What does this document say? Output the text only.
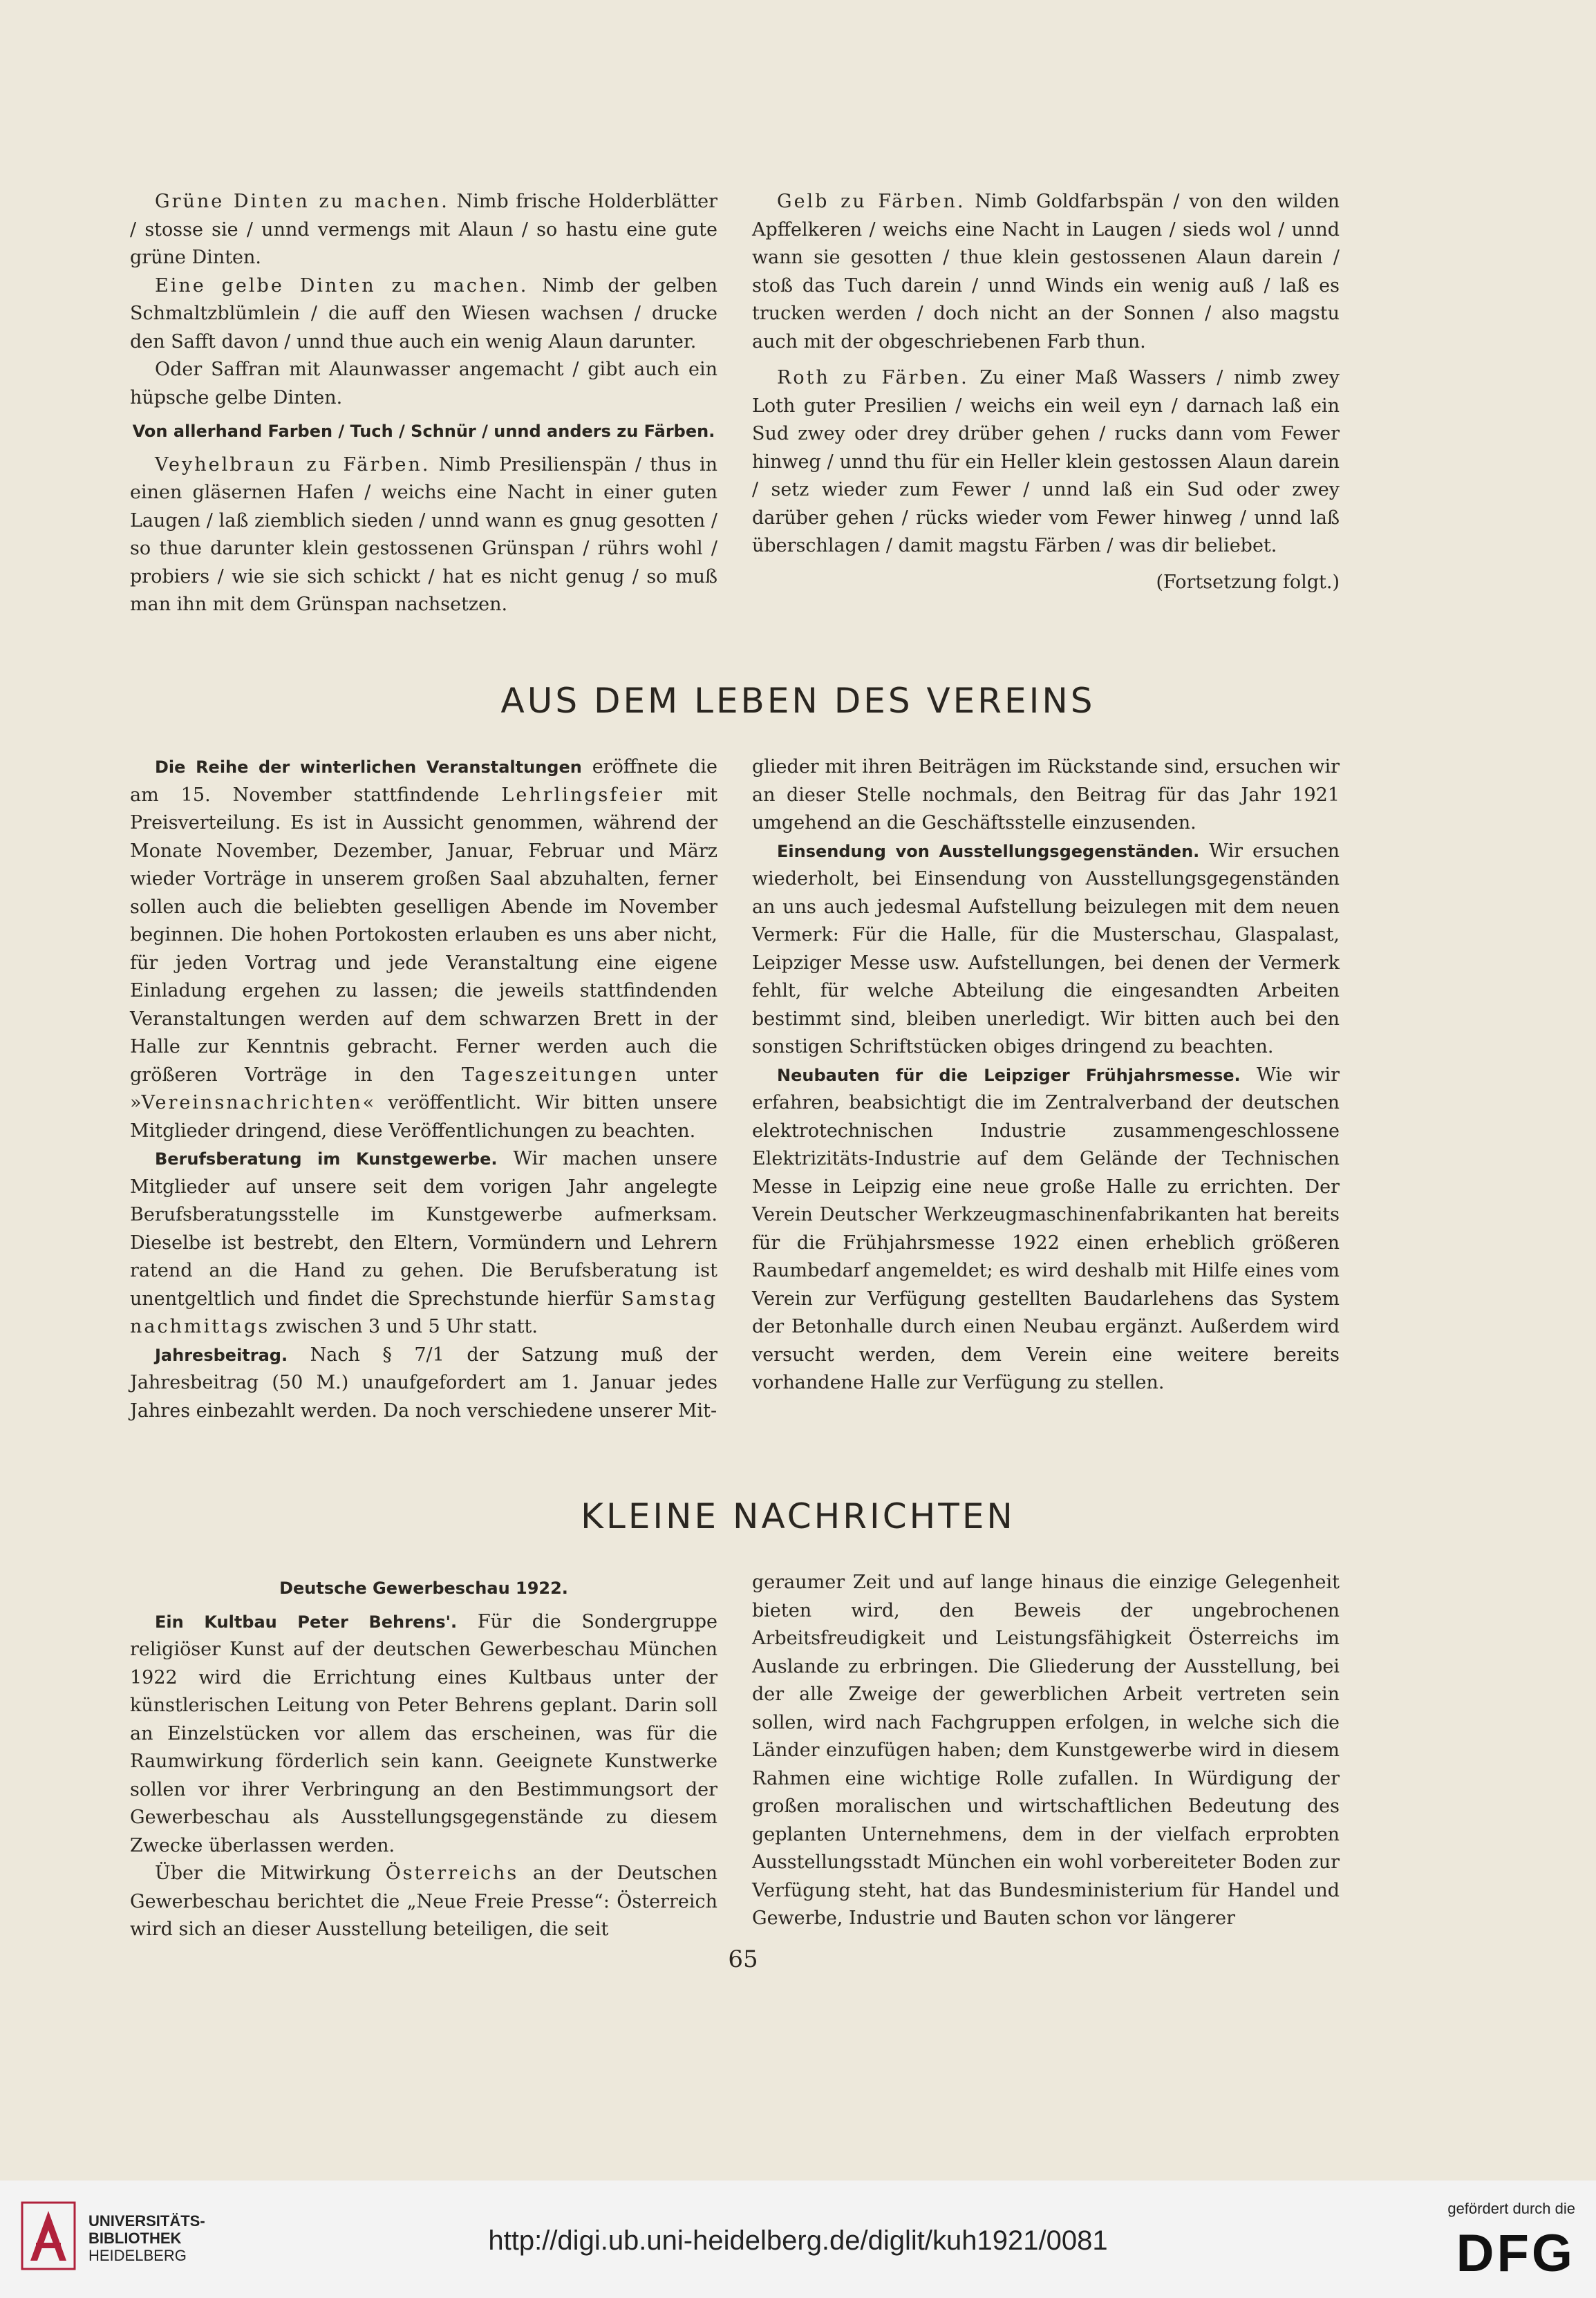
Grüne Dinten zu machen. Nimb frische Holderblätter / stosse sie / unnd vermengs mit Alaun / so hastu eine gute grüne Dinten.

Eine gelbe Dinten zu machen. Nimb der gelben Schmaltzblümlein / die auff den Wiesen wachsen / drucke den Safft davon / unnd thue auch ein wenig Alaun darunter.

Oder Saffran mit Alaunwasser angemacht / gibt auch ein hüpsche gelbe Dinten.

Von allerhand Farben / Tuch / Schnür / unnd anders zu Färben.

Veyhelbraun zu Färben. Nimb Presilienspän / thus in einen gläsernen Hafen / weichs eine Nacht in einer guten Laugen / laß ziemblich sieden / unnd wann es gnug gesotten / so thue darunter klein gestossenen Grünspan / rührs wohl / probiers / wie sie sich schickt / hat es nicht genug / so muß man ihn mit dem Grünspan nachsetzen.

Gelb zu Färben. Nimb Goldfarbspän / von den wilden Apffelkeren / weichs eine Nacht in Laugen / sieds wol / unnd wann sie gesotten / thue klein gestossenen Alaun darein / stoß das Tuch darein / unnd Winds ein wenig auß / laß es trucken werden / doch nicht an der Sonnen / also magstu auch mit der obgeschriebenen Farb thun.

Roth zu Färben. Zu einer Maß Wassers / nimb zwey Loth guter Presilien / weichs ein weil eyn / darnach laß ein Sud zwey oder drey drüber gehen / rucks dann vom Fewer hinweg / unnd thu für ein Heller klein gestossen Alaun darein / setz wieder zum Fewer / unnd laß ein Sud oder zwey darüber gehen / rücks wieder vom Fewer hinweg / unnd laß überschlagen / damit magstu Färben / was dir beliebet.

(Fortsetzung folgt.)

AUS DEM LEBEN DES VEREINS

Die Reihe der winterlichen Veranstaltungen eröffnete die am 15. November stattfindende Lehrlingsfeier mit Preisverteilung. Es ist in Aussicht genommen, während der Monate November, Dezember, Januar, Februar und März wieder Vorträge in unserem großen Saal abzuhalten, ferner sollen auch die beliebten geselligen Abende im November beginnen. Die hohen Portokosten erlauben es uns aber nicht, für jeden Vortrag und jede Veranstaltung eine eigene Einladung ergehen zu lassen; die jeweils stattfindenden Veranstaltungen werden auf dem schwarzen Brett in der Halle zur Kenntnis gebracht. Ferner werden auch die größeren Vorträge in den Tageszeitungen unter »Vereinsnachrichten« veröffentlicht. Wir bitten unsere Mitglieder dringend, diese Veröffentlichungen zu beachten.

Berufsberatung im Kunstgewerbe. Wir machen unsere Mitglieder auf unsere seit dem vorigen Jahr angelegte Berufsberatungsstelle im Kunstgewerbe aufmerksam. Dieselbe ist bestrebt, den Eltern, Vormündern und Lehrern ratend an die Hand zu gehen. Die Berufsberatung ist unentgeltlich und findet die Sprechstunde hierfür Samstag nachmittags zwischen 3 und 5 Uhr statt.

Jahresbeitrag. Nach § 7/1 der Satzung muß der Jahresbeitrag (50 M.) unaufgefordert am 1. Januar jedes Jahres einbezahlt werden. Da noch verschiedene unserer Mit-

glieder mit ihren Beiträgen im Rückstande sind, ersuchen wir an dieser Stelle nochmals, den Beitrag für das Jahr 1921 umgehend an die Geschäftsstelle einzusenden.

Einsendung von Ausstellungsgegenständen. Wir ersuchen wiederholt, bei Einsendung von Ausstellungsgegenständen an uns auch jedesmal Aufstellung beizulegen mit dem neuen Vermerk: Für die Halle, für die Musterschau, Glaspalast, Leipziger Messe usw. Aufstellungen, bei denen der Vermerk fehlt, für welche Abteilung die eingesandten Arbeiten bestimmt sind, bleiben unerledigt. Wir bitten auch bei den sonstigen Schriftstücken obiges dringend zu beachten.

Neubauten für die Leipziger Frühjahrsmesse. Wie wir erfahren, beabsichtigt die im Zentralverband der deutschen elektrotechnischen Industrie zusammengeschlossene Elektrizitäts-Industrie auf dem Gelände der Technischen Messe in Leipzig eine neue große Halle zu errichten. Der Verein Deutscher Werkzeugmaschinenfabrikanten hat bereits für die Frühjahrsmesse 1922 einen erheblich größeren Raumbedarf angemeldet; es wird deshalb mit Hilfe eines vom Verein zur Verfügung gestellten Baudarlehens das System der Betonhalle durch einen Neubau ergänzt. Außerdem wird versucht werden, dem Verein eine weitere bereits vorhandene Halle zur Verfügung zu stellen.

KLEINE NACHRICHTEN

Deutsche Gewerbeschau 1922.

Ein Kultbau Peter Behrens'. Für die Sondergruppe religiöser Kunst auf der deutschen Gewerbeschau München 1922 wird die Errichtung eines Kultbaus unter der künstlerischen Leitung von Peter Behrens geplant. Darin soll an Einzelstücken vor allem das erscheinen, was für die Raumwirkung förderlich sein kann. Geeignete Kunstwerke sollen vor ihrer Verbringung an den Bestimmungsort der Gewerbeschau als Ausstellungsgegenstände zu diesem Zwecke überlassen werden.

Über die Mitwirkung Österreichs an der Deutschen Gewerbeschau berichtet die „Neue Freie Presse“: Österreich wird sich an dieser Ausstellung beteiligen, die seit

geraumer Zeit und auf lange hinaus die einzige Gelegenheit bieten wird, den Beweis der ungebrochenen Arbeitsfreudigkeit und Leistungsfähigkeit Österreichs im Auslande zu erbringen. Die Gliederung der Ausstellung, bei der alle Zweige der gewerblichen Arbeit vertreten sein sollen, wird nach Fachgruppen erfolgen, in welche sich die Länder einzufügen haben; dem Kunstgewerbe wird in diesem Rahmen eine wichtige Rolle zufallen. In Würdigung der großen moralischen und wirtschaftlichen Bedeutung des geplanten Unternehmens, dem in der vielfach erprobten Ausstellungsstadt München ein wohl vorbereiteter Boden zur Verfügung steht, hat das Bundesministerium für Handel und Gewerbe, Industrie und Bauten schon vor längerer

65
UNIVERSITÄTS-
BIBLIOTHEK
HEIDELBERG	http://digi.ub.uni-heidelberg.de/diglit/kuh1921/0081
gefördert durch die
DFG
